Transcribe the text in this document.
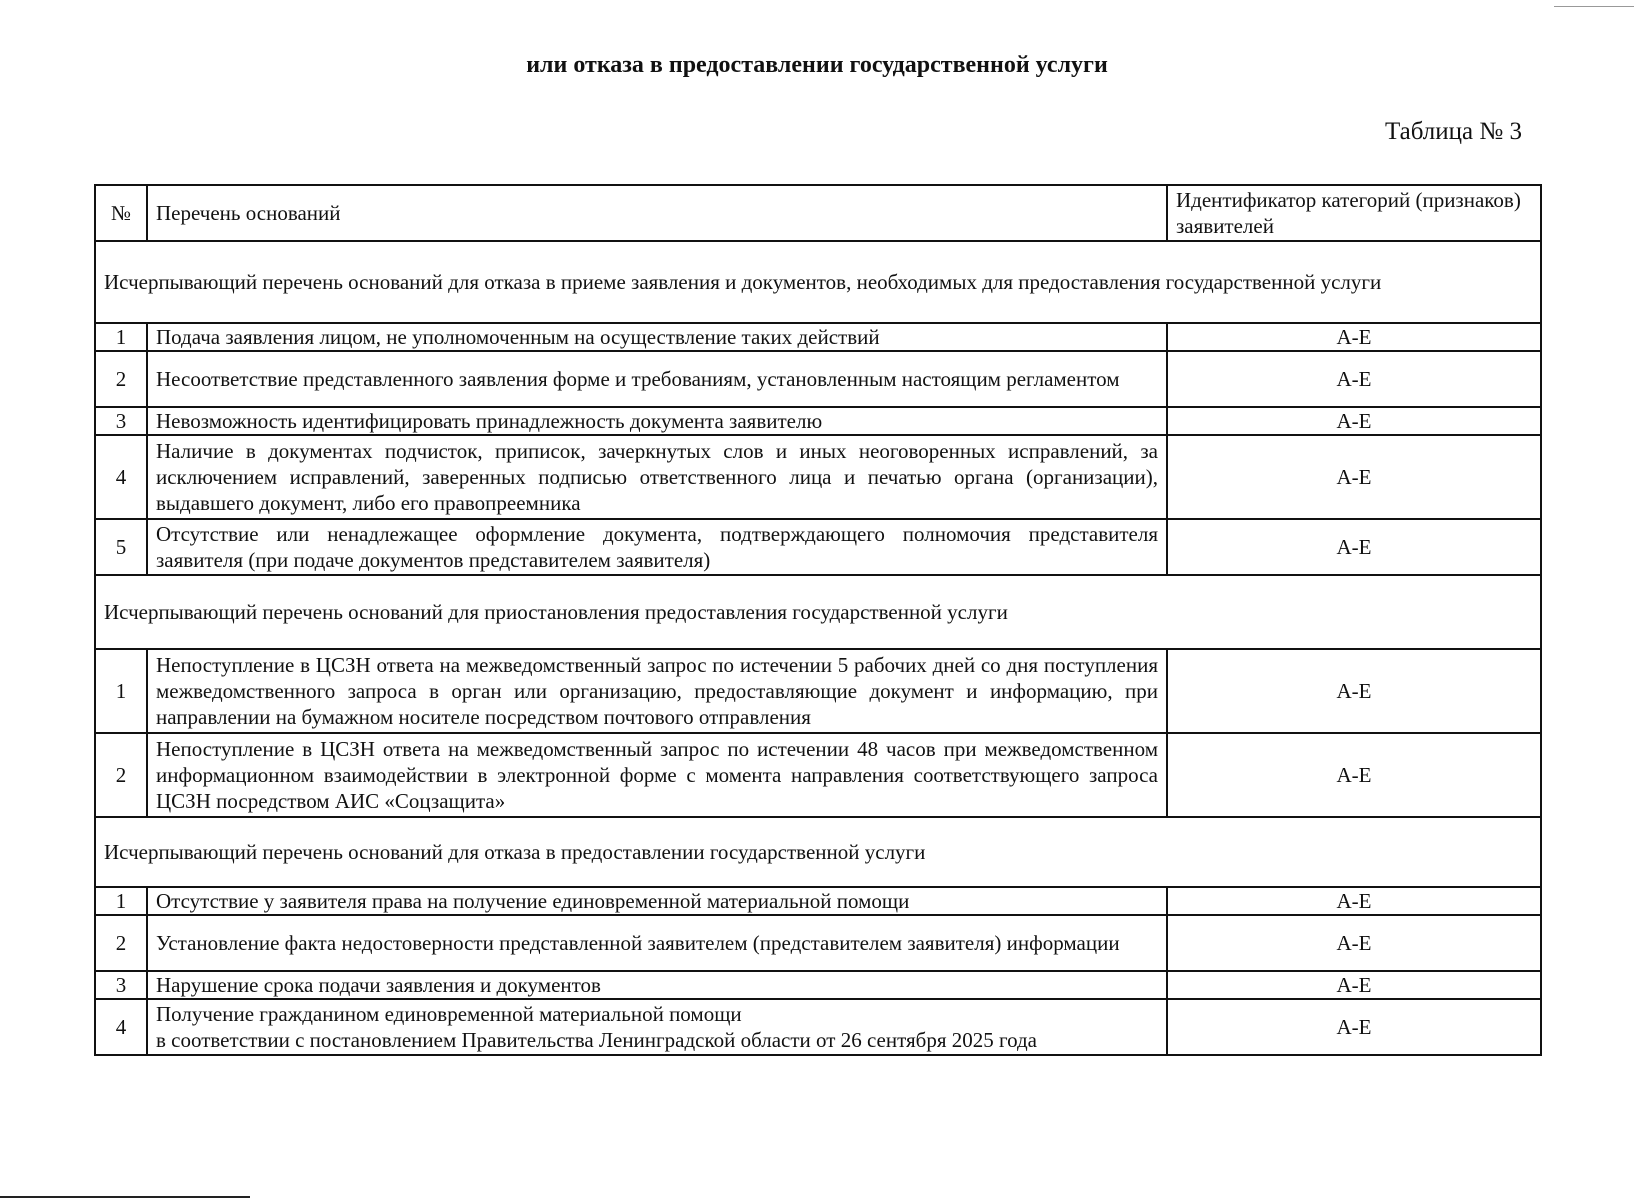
или отказа в предоставлении государственной услуги
Таблица № 3
№	Перечень оснований	Идентификатор категорий (признаков) заявителей
Исчерпывающий перечень оснований для отказа в приеме заявления и документов, необходимых для предоставления государственной услуги		
1	Подача заявления лицом, не уполномоченным на осуществление таких действий	А-Е
2	Несоответствие представленного заявления форме и требованиям, установленным настоящим регламентом	А-Е
3	Невозможность идентифицировать принадлежность документа заявителю	А-Е
4	Наличие в документах подчисток, приписок, зачеркнутых слов и иных неоговоренных исправлений, за исключением исправлений, заверенных подписью ответственного лица и печатью органа (организации), выдавшего документ, либо его правопреемника	А-Е
5	Отсутствие или ненадлежащее оформление документа, подтверждающего полномочия представителя заявителя (при подаче документов представителем заявителя)	А-Е
Исчерпывающий перечень оснований для приостановления предоставления государственной услуги		
1	Непоступление в ЦСЗН ответа на межведомственный запрос по истечении 5 рабочих дней со дня поступления межведомственного запроса в орган или организацию, предоставляющие документ и информацию, при направлении на бумажном носителе посредством почтового отправления	А-Е
2	Непоступление в ЦСЗН ответа на межведомственный запрос по истечении 48 часов при межведомственном информационном взаимодействии в электронной форме с момента направления соответствующего запроса ЦСЗН посредством АИС «Соцзащита»	А-Е
Исчерпывающий перечень оснований для отказа в предоставлении государственной услуги		
1	Отсутствие у заявителя права на получение единовременной материальной помощи	А-Е
2	Установление факта недостоверности представленной заявителем (представителем заявителя) информации	А-Е
3	Нарушение срока подачи заявления и документов	А-Е
4	Получение гражданином единовременной материальной помощи
в соответствии с постановлением Правительства Ленинградской области от 26 сентября 2025 года	А-Е
